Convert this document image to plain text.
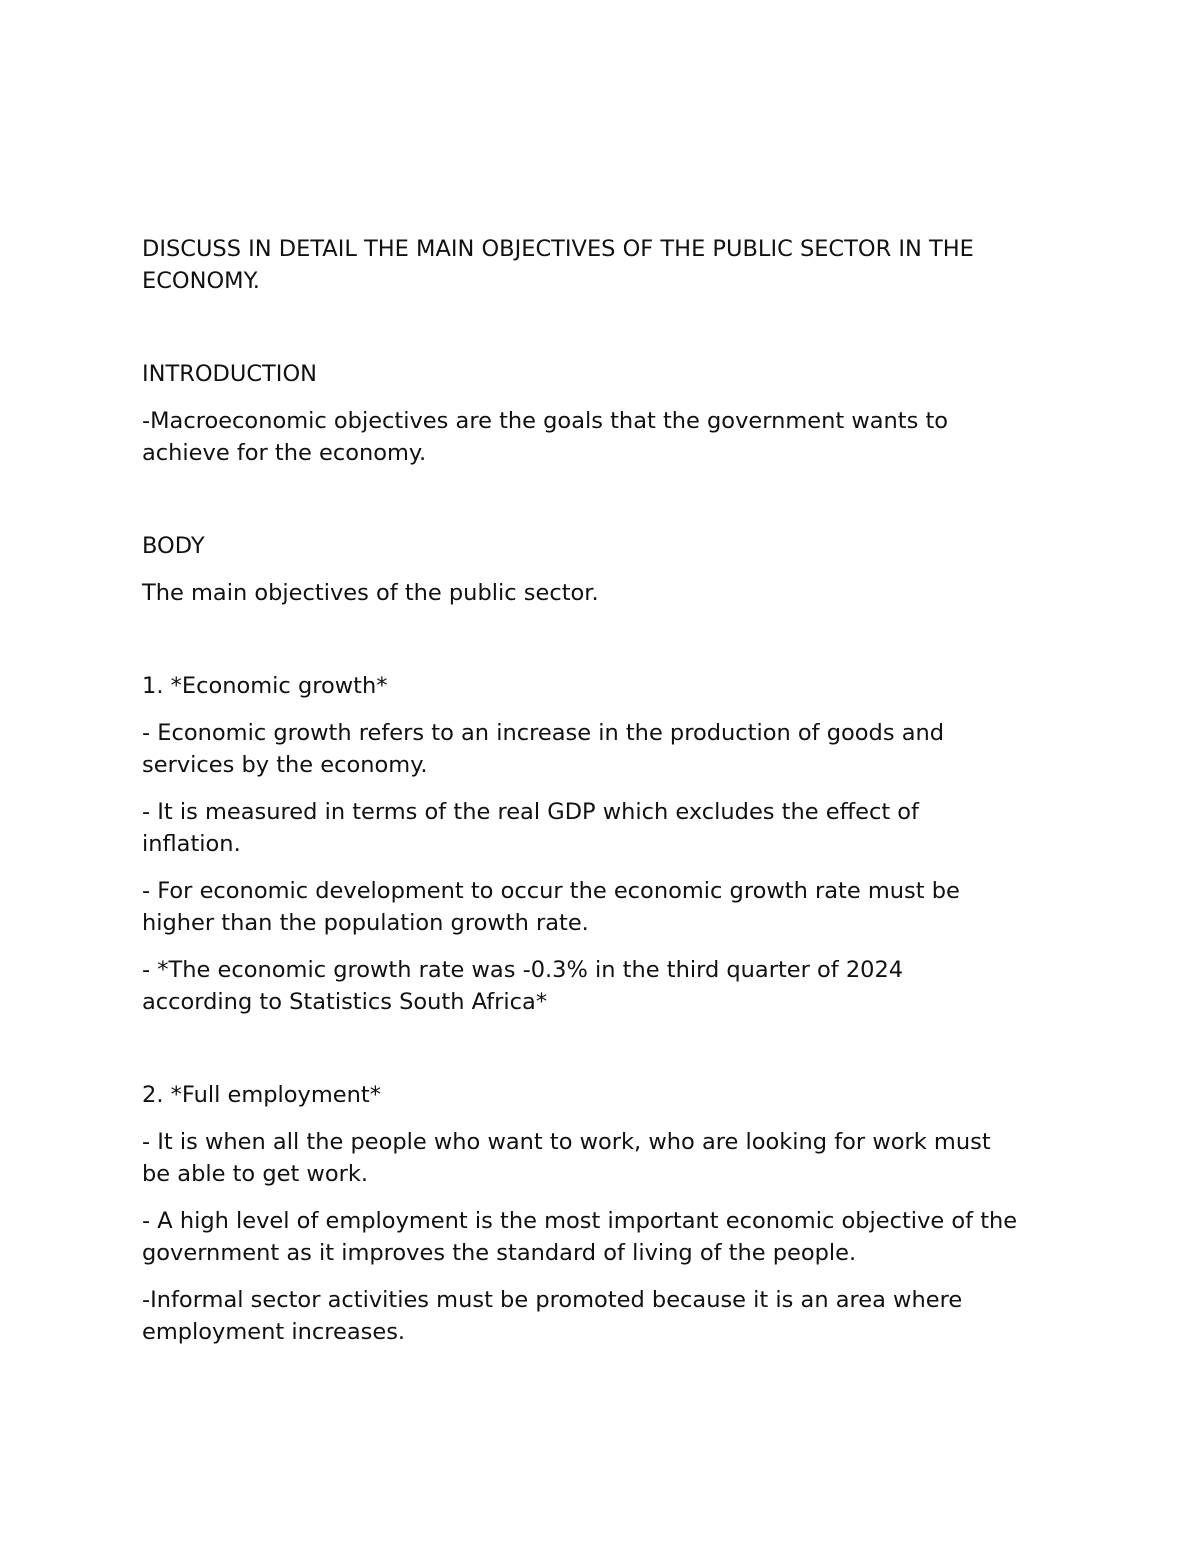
DISCUSS IN DETAIL THE MAIN OBJECTIVES OF THE PUBLIC SECTOR IN THE

ECONOMY.

INTRODUCTION

-Macroeconomic objectives are the goals that the government wants to

achieve for the economy.

BODY

The main objectives of the public sector.

1. *Economic growth*

- Economic growth refers to an increase in the production of goods and

services by the economy.

- It is measured in terms of the real GDP which excludes the effect of

inflation.

- For economic development to occur the economic growth rate must be

higher than the population growth rate.

- *The economic growth rate was -0.3% in the third quarter of 2024

according to Statistics South Africa*

2. *Full employment*

- It is when all the people who want to work, who are looking for work must

be able to get work.

- A high level of employment is the most important economic objective of the

government as it improves the standard of living of the people.

-Informal sector activities must be promoted because it is an area where

employment increases.
